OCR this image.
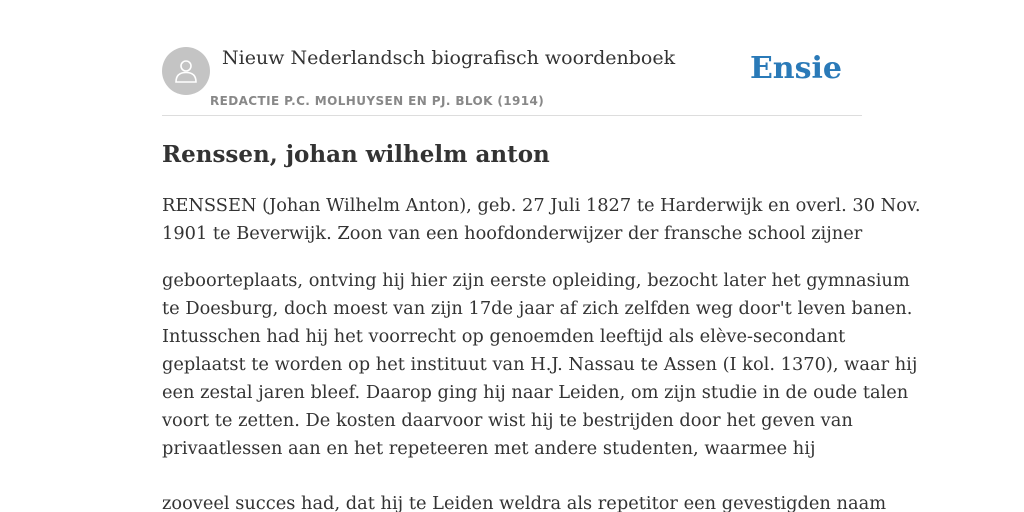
Nieuw Nederlandsch biografisch woordenboek
REDACTIE P.C. MOLHUYSEN EN PJ. BLOK (1914)
Ensie
Renssen, johan wilhelm anton
RENSSEN (Johan Wilhelm Anton), geb. 27 Juli 1827 te Harderwijk en overl. 30 Nov.
1901 te Beverwijk. Zoon van een hoofdonderwijzer der fransche school zijner
geboorteplaats, ontving hij hier zijn eerste opleiding, bezocht later het gymnasium
te Doesburg, doch moest van zijn 17de jaar af zich zelfden weg door't leven banen.
Intusschen had hij het voorrecht op genoemden leeftijd als elève-secondant
geplaatst te worden op het instituut van H.J. Nassau te Assen (I kol. 1370), waar hij
een zestal jaren bleef. Daarop ging hij naar Leiden, om zijn studie in de oude talen
voort te zetten. De kosten daarvoor wist hij te bestrijden door het geven van
privaatlessen aan en het repeteeren met andere studenten, waarmee hij
zooveel succes had, dat hij te Leiden weldra als repetitor een gevestigden naam
